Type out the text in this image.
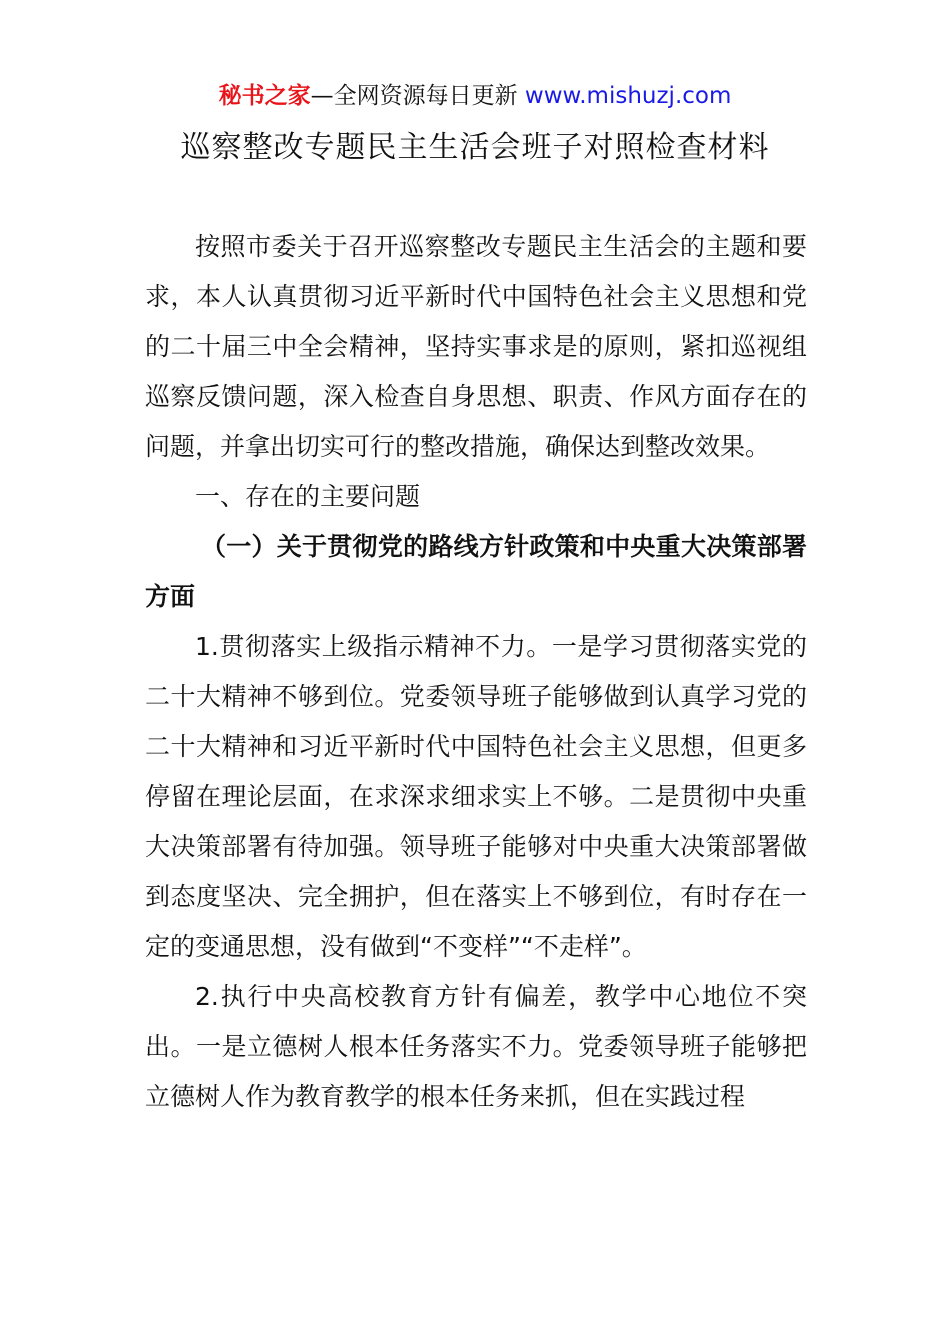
秘书之家—全网资源每日更新 www.mishuzj.com
巡察整改专题民主生活会班子对照检查材料

按照市委关于召开巡察整改专题民主生活会的主题和要求，本人认真贯彻习近平新时代中国特色社会主义思想和党的二十届三中全会精神，坚持实事求是的原则，紧扣巡视组巡察反馈问题，深入检查自身思想、职责、作风方面存在的问题，并拿出切实可行的整改措施，确保达到整改效果。

一、存在的主要问题

（一）关于贯彻党的路线方针政策和中央重大决策部署方面

1.贯彻落实上级指示精神不力。一是学习贯彻落实党的二十大精神不够到位。党委领导班子能够做到认真学习党的二十大精神和习近平新时代中国特色社会主义思想，但更多停留在理论层面，在求深求细求实上不够。二是贯彻中央重大决策部署有待加强。领导班子能够对中央重大决策部署做到态度坚决、完全拥护，但在落实上不够到位，有时存在一定的变通思想，没有做到“不变样”“不走样”。

2.执行中央高校教育方针有偏差，教学中心地位不突出。一是立德树人根本任务落实不力。党委领导班子能够把立德树人作为教育教学的根本任务来抓，但在实践过程
